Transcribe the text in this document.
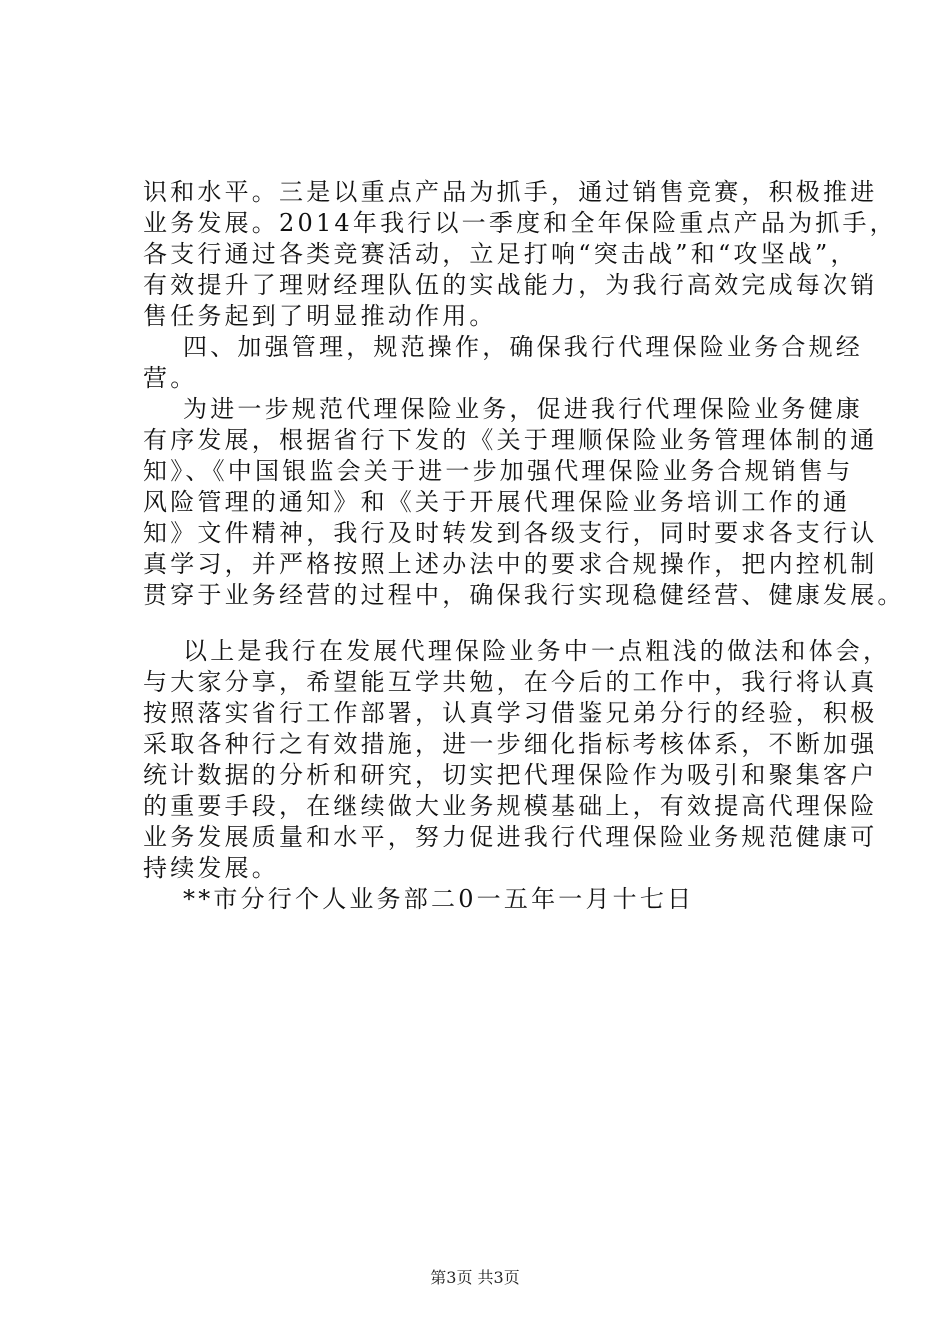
识和水平。三是以重点产品为抓手，通过销售竞赛，积极推进
业务发展。2014年我行以一季度和全年保险重点产品为抓手，
各支行通过各类竞赛活动，立足打响“突击战”和“攻坚战”，
有效提升了理财经理队伍的实战能力，为我行高效完成每次销
售任务起到了明显推动作用。
四、加强管理，规范操作，确保我行代理保险业务合规经
营。
为进一步规范代理保险业务，促进我行代理保险业务健康
有序发展，根据省行下发的《关于理顺保险业务管理体制的通
知》、《中国银监会关于进一步加强代理保险业务合规销售与
风险管理的通知》和《关于开展代理保险业务培训工作的通
知》文件精神，我行及时转发到各级支行，同时要求各支行认
真学习，并严格按照上述办法中的要求合规操作，把内控机制
贯穿于业务经营的过程中，确保我行实现稳健经营、健康发展。
以上是我行在发展代理保险业务中一点粗浅的做法和体会，
与大家分享，希望能互学共勉，在今后的工作中，我行将认真
按照落实省行工作部署，认真学习借鉴兄弟分行的经验，积极
采取各种行之有效措施，进一步细化指标考核体系，不断加强
统计数据的分析和研究，切实把代理保险作为吸引和聚集客户
的重要手段，在继续做大业务规模基础上，有效提高代理保险
业务发展质量和水平，努力促进我行代理保险业务规范健康可
持续发展。
**市分行个人业务部二0一五年一月十七日
第3页 共3页
